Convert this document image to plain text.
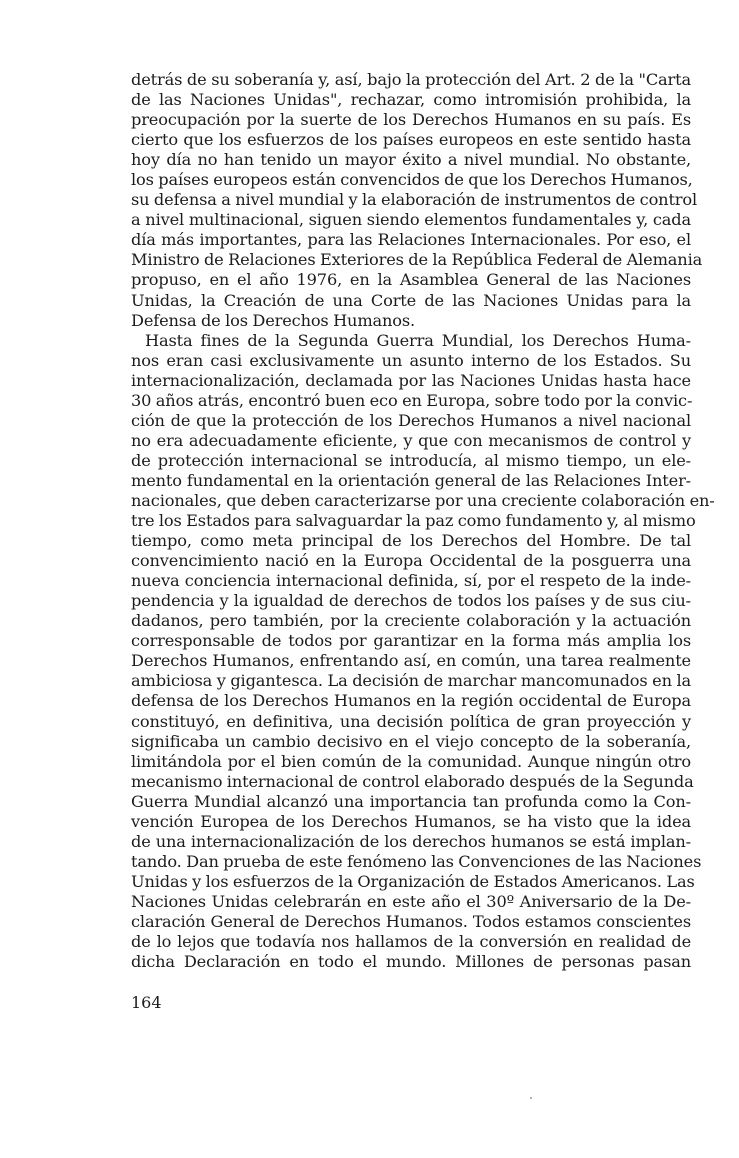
detrás de su soberanía y, así, bajo la protección del Art. 2 de la "Carta
de las Naciones Unidas", rechazar, como intromisión prohibida, la
preocupación por la suerte de los Derechos Humanos en su país. Es
cierto que los esfuerzos de los países europeos en este sentido hasta
hoy día no han tenido un mayor éxito a nivel mundial. No obstante,
los países europeos están convencidos de que los Derechos Humanos,
su defensa a nivel mundial y la elaboración de instrumentos de control
a nivel multinacional, siguen siendo elementos fundamentales y, cada
día más importantes, para las Relaciones Internacionales. Por eso, el
Ministro de Relaciones Exteriores de la República Federal de Alemania
propuso, en el año 1976, en la Asamblea General de las Naciones
Unidas, la Creación de una Corte de las Naciones Unidas para la
Defensa de los Derechos Humanos.
Hasta fines de la Segunda Guerra Mundial, los Derechos Huma-
nos eran casi exclusivamente un asunto interno de los Estados. Su
internacionalización, declamada por las Naciones Unidas hasta hace
30 años atrás, encontró buen eco en Europa, sobre todo por la convic-
ción de que la protección de los Derechos Humanos a nivel nacional
no era adecuadamente eficiente, y que con mecanismos de control y
de protección internacional se introducía, al mismo tiempo, un ele-
mento fundamental en la orientación general de las Relaciones Inter-
nacionales, que deben caracterizarse por una creciente colaboración en-
tre los Estados para salvaguardar la paz como fundamento y, al mismo
tiempo, como meta principal de los Derechos del Hombre. De tal
convencimiento nació en la Europa Occidental de la posguerra una
nueva conciencia internacional definida, sí, por el respeto de la inde-
pendencia y la igualdad de derechos de todos los países y de sus ciu-
dadanos, pero también, por la creciente colaboración y la actuación
corresponsable de todos por garantizar en la forma más amplia los
Derechos Humanos, enfrentando así, en común, una tarea realmente
ambiciosa y gigantesca. La decisión de marchar mancomunados en la
defensa de los Derechos Humanos en la región occidental de Europa
constituyó, en definitiva, una decisión política de gran proyección y
significaba un cambio decisivo en el viejo concepto de la soberanía,
limitándola por el bien común de la comunidad. Aunque ningún otro
mecanismo internacional de control elaborado después de la Segunda
Guerra Mundial alcanzó una importancia tan profunda como la Con-
vención Europea de los Derechos Humanos, se ha visto que la idea
de una internacionalización de los derechos humanos se está implan-
tando. Dan prueba de este fenómeno las Convenciones de las Naciones
Unidas y los esfuerzos de la Organización de Estados Americanos. Las
Naciones Unidas celebrarán en este año el 30º Aniversario de la De-
claración General de Derechos Humanos. Todos estamos conscientes
de lo lejos que todavía nos hallamos de la conversión en realidad de
dicha Declaración en todo el mundo. Millones de personas pasan
164
